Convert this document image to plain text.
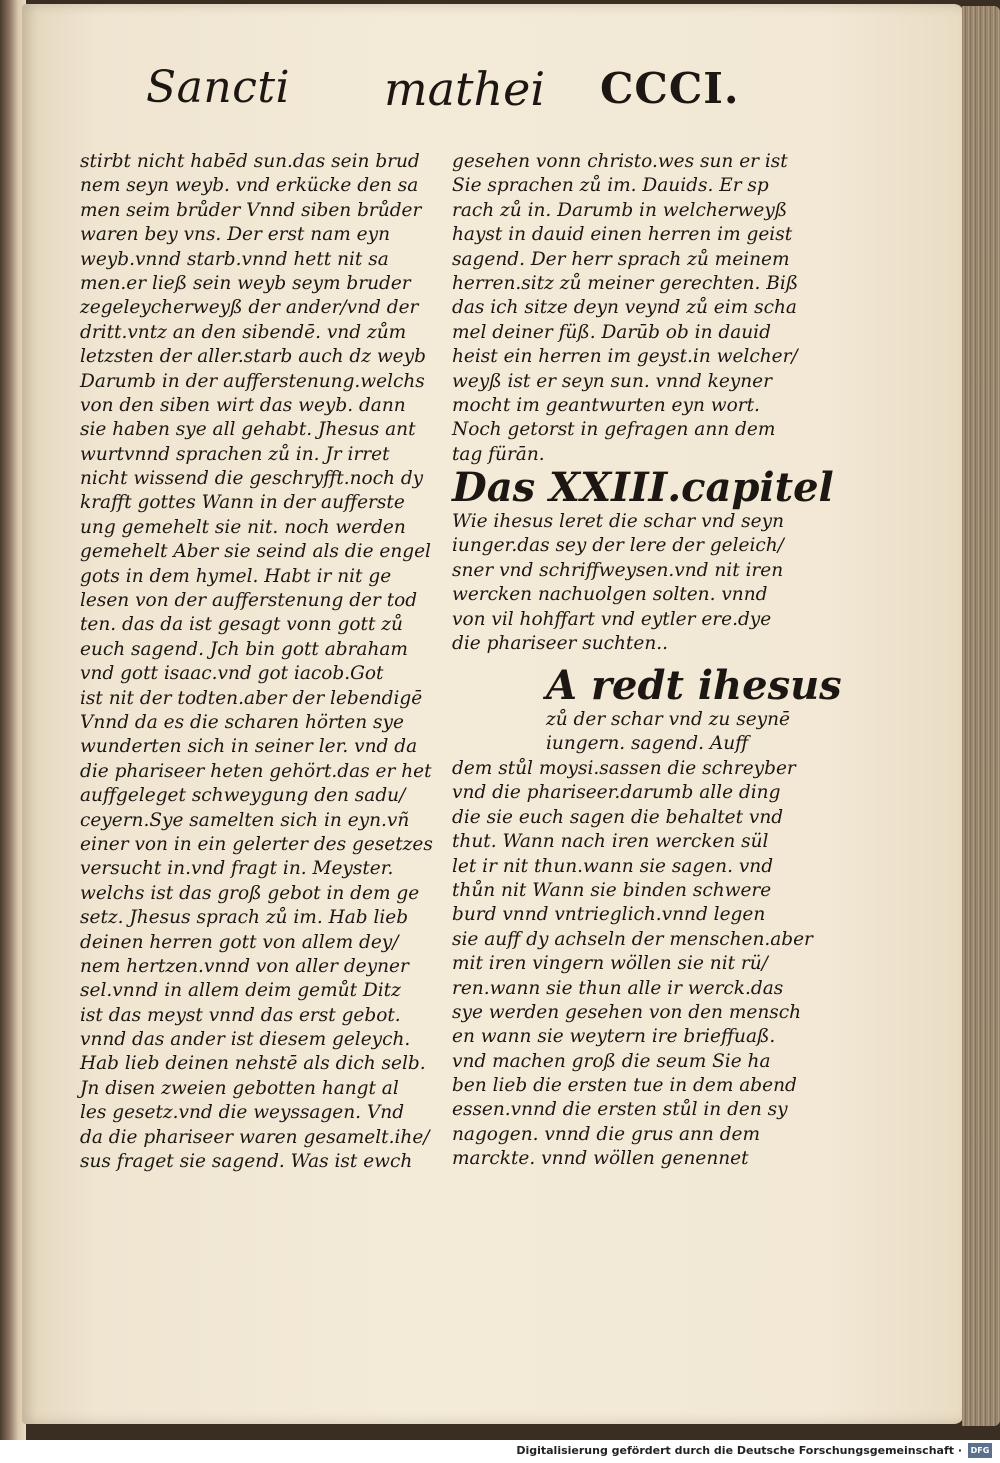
Sancti mathei CCCI.
stirbt nicht habēd sun.das sein brud
nem seyn weyb. vnd erkücke den sa
men seim brůder Vnnd siben brůder
waren bey vns. Der erst nam eyn
weyb.vnnd starb.vnnd hett nit sa
men.er ließ sein weyb seym bruder
zegeleycherweyß der ander/vnd der
dritt.vntz an den sibendē. vnd zům
letzsten der aller.starb auch dz weyb
Darumb in der aufferstenung.welchs
von den siben wirt das weyb. dann
sie haben sye all gehabt. Jhesus ant
wurtvnnd sprachen zů in. Jr irret
nicht wissend die geschryfft.noch dy
krafft gottes Wann in der aufferste
ung gemehelt sie nit. noch werden
gemehelt Aber sie seind als die engel
gots in dem hymel. Habt ir nit ge
lesen von der aufferstenung der tod
ten. das da ist gesagt vonn gott zů
euch sagend. Jch bin gott abraham
vnd gott isaac.vnd got iacob.Got
ist nit der todten.aber der lebendigē
Vnnd da es die scharen hörten sye
wunderten sich in seiner ler. vnd da
die phariseer heten gehört.das er het
auffgeleget schweygung den sadu/
ceyern.Sye samelten sich in eyn.vñ
einer von in ein gelerter des gesetzes
versucht in.vnd fragt in. Meyster.
welchs ist das groß gebot in dem ge
setz. Jhesus sprach zů im. Hab lieb
deinen herren gott von allem dey/
nem hertzen.vnnd von aller deyner
sel.vnnd in allem deim gemůt Ditz
ist das meyst vnnd das erst gebot.
vnnd das ander ist diesem geleych.
Hab lieb deinen nehstē als dich selb.
Jn disen zweien gebotten hangt al
les gesetz.vnd die weyssagen. Vnd
da die phariseer waren gesamelt.ihe/
sus fraget sie sagend. Was ist ewch
gesehen vonn christo.wes sun er ist
Sie sprachen zů im. Dauids. Er sp
rach zů in. Darumb in welcherweyß
hayst in dauid einen herren im geist
sagend. Der herr sprach zů meinem
herren.sitz zů meiner gerechten. Biß
das ich sitze deyn veynd zů eim scha
mel deiner füß. Darūb ob in dauid
heist ein herren im geyst.in welcher/
weyß ist er seyn sun. vnnd keyner
mocht im geantwurten eyn wort.
Noch getorst in gefragen ann dem
tag fürān.
Das XXIII.capitel
Wie ihesus leret die schar vnd seyn
iunger.das sey der lere der geleich/
sner vnd schriffweysen.vnd nit iren
wercken nachuolgen solten. vnnd
von vil hohffart vnd eytler ere.dye
die phariseer suchten..
A redt ihesus
zů der schar vnd zu seynē
iungern. sagend. Auff
dem stůl moysi.sassen die schreyber
vnd die phariseer.darumb alle ding
die sie euch sagen die behaltet vnd
thut. Wann nach iren wercken sül
let ir nit thun.wann sie sagen. vnd
thůn nit Wann sie binden schwere
burd vnnd vntrieglich.vnnd legen
sie auff dy achseln der menschen.aber
mit iren vingern wöllen sie nit rü/
ren.wann sie thun alle ir werck.das
sye werden gesehen von den mensch
en wann sie weytern ire brieffuaß.
vnd machen groß die seum Sie ha
ben lieb die ersten tue in dem abend
essen.vnnd die ersten stůl in den sy
nagogen. vnnd die grus ann dem
marckte. vnnd wöllen genennet
Digitalisierung gefördert durch die Deutsche Forschungsgemeinschaft ·	DFG
